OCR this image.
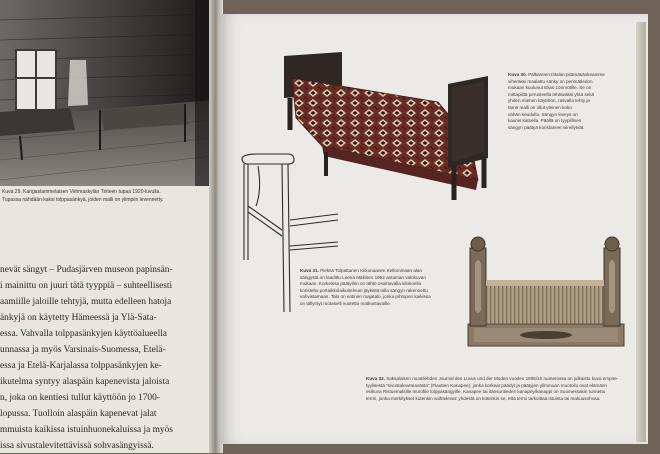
Kuva 29. Kangaslammelaisen Vehmaskylän Tinteen tupaa 1920-luvulla.
Tupassa nähdään kaksi tolppasänkyä, joiden malli on ylimpiin levennetty.
nevät sängyt – Pudasjärven museon papinsän-
i mainittu on juuri tätä tyyppiä – suhteellisesti
aamiille jaloille tehtyjä, mutta edelleen hatoja
änkyjä on käytetty Hämeessä ja Ylä-Sata-
essa. Vahvalla tolppasänkyjen käyttöalueella
unnassa ja myös Varsinais-Suomessa, Etelä-
essa ja Etelä-Karjalassa tolppasänkyjen ke-
ikutelma syntyy alaspäin kapenevista jaloista
n, joka on kentiesi tullut käyttöön jo 1700-
lopussa. Tuolloin alaspäin kapenevat jalat
mmuista kaikissa istuinhuonekaluissa ja myös
issa sivustalevitettävissä sohvasängyissä.
Kuva 30. Pälkäneen Iittalan pitämäsänkeamme
viheräksi maalattu sänky on perimätiedon
mukaan kuulunut Elias Lönnrotille. Se on
mittapiiltä perusteella tehtäväksi yhtä sekä
yhden miehen käyttöön, rasvalla tehty ja
tämä malli on ollut yleinen koko
vähän seudulla. Sängyn leveys on
kaunis katsella. Päällä on tyypillinen
sängyn päätyä koristaneet viireilytvät.
Kuva 31. Pieksä Tolpattanen Kiikunaanen Kellominaan alan
sängystä on laadittu Leena Mäkisen 1962 antaman valokuvan
mukaan. Korkeissa päätyihin on tähtö osoittavalla kilokoella
koristeltu portaikkolaikuitelman jäykistä tolla sängyn rakennettu
vahvistamaan. Talo on entinen majatalo, jonka pihtopen kaikissa
on tällyrsyt ruotaselli vuotetta matkustavaille.
Kuva 32. Saksalaisen muotilehden Journal des Luxus und der Moden vuoden 1806/10 numerossa on julkaistu kuva empire-
tyylisestä "sivustaleveteavästa" (Flautten Kanapee), jonka korkeat päädyt ja päätyjen ylimmuan muotoilu ovat elämänn
esikuva Ristuemalsille murofile tolppasängyille. Kanapee tai itänsuntieden kanapey/kanappi on Suomessakin tunnettu
termi, jonka merkitykset kutenkin vaihtelevat: yhdestä on kotenkin se, että termi tarkoittaa istuinta tai makuusohvaa.
